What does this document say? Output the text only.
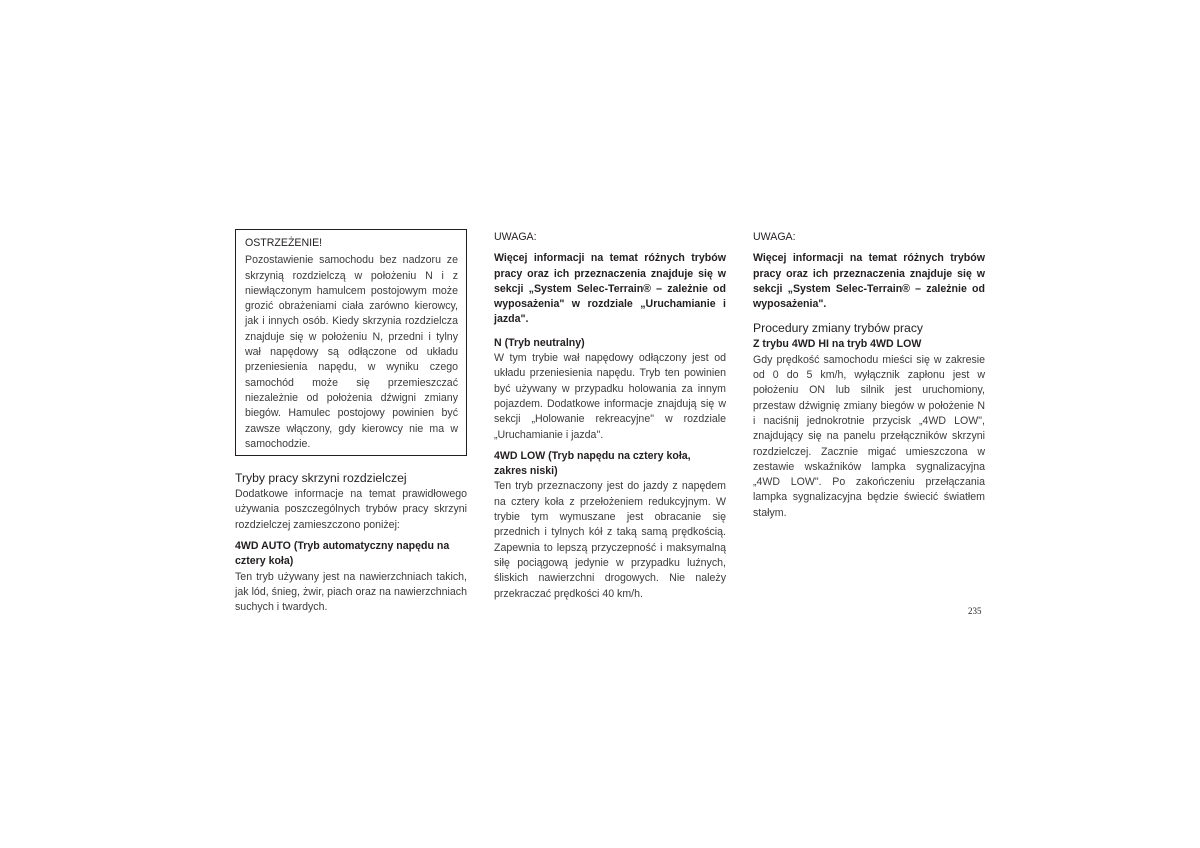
OSTRZEŻENIE!
Pozostawienie samochodu bez nadzoru ze skrzynią rozdzielczą w położeniu N i z niewłączonym hamulcem postojowym może grozić obrażeniami ciała zarówno kierowcy, jak i innych osób. Kiedy skrzynia rozdzielcza znajduje się w położeniu N, przedni i tylny wał napędowy są odłączone od układu przeniesienia napędu, w wyniku czego samochód może się przemieszczać niezależnie od położenia dźwigni zmiany biegów. Hamulec postojowy powinien być zawsze włączony, gdy kierowcy nie ma w samochodzie.
Tryby pracy skrzyni rozdzielczej

Dodatkowe informacje na temat prawidłowego używania poszczególnych trybów pracy skrzyni rozdzielczej zamieszczono poniżej:

4WD AUTO (Tryb automatyczny napędu na cztery koła)

Ten tryb używany jest na nawierzchniach takich, jak lód, śnieg, żwir, piach oraz na nawierzchniach suchych i twardych.

UWAGA:

Więcej informacji na temat różnych trybów pracy oraz ich przeznaczenia znajduje się w sekcji „System Selec-Terrain® – zależnie od wyposażenia" w rozdziale „Uruchamianie i jazda".

N (Tryb neutralny)

W tym trybie wał napędowy odłączony jest od układu przeniesienia napędu. Tryb ten powinien być używany w przypadku holowania za innym pojazdem. Dodatkowe informacje znajdują się w sekcji „Holowanie rekreacyjne" w rozdziale „Uruchamianie i jazda".

4WD LOW (Tryb napędu na cztery koła, zakres niski)

Ten tryb przeznaczony jest do jazdy z napędem na cztery koła z przełożeniem redukcyjnym. W trybie tym wymuszane jest obracanie się przednich i tylnych kół z taką samą prędkością. Zapewnia to lepszą przyczepność i maksymalną siłę pociągową jedynie w przypadku luźnych, śliskich nawierzchni drogowych. Nie należy przekraczać prędkości 40 km/h.

UWAGA:

Więcej informacji na temat różnych trybów pracy oraz ich przeznaczenia znajduje się w sekcji „System Selec-Terrain® – zależnie od wyposażenia".

Procedury zmiany trybów pracy

Z trybu 4WD HI na tryb 4WD LOW

Gdy prędkość samochodu mieści się w zakresie od 0 do 5 km/h, wyłącznik zapłonu jest w położeniu ON lub silnik jest uruchomiony, przestaw dźwignię zmiany biegów w położenie N i naciśnij jednokrotnie przycisk „4WD LOW", znajdujący się na panelu przełączników skrzyni rozdzielczej. Zacznie migać umieszczona w zestawie wskaźników lampka sygnalizacyjna „4WD LOW". Po zakończeniu przełączania lampka sygnalizacyjna będzie świecić światłem stałym.

235
